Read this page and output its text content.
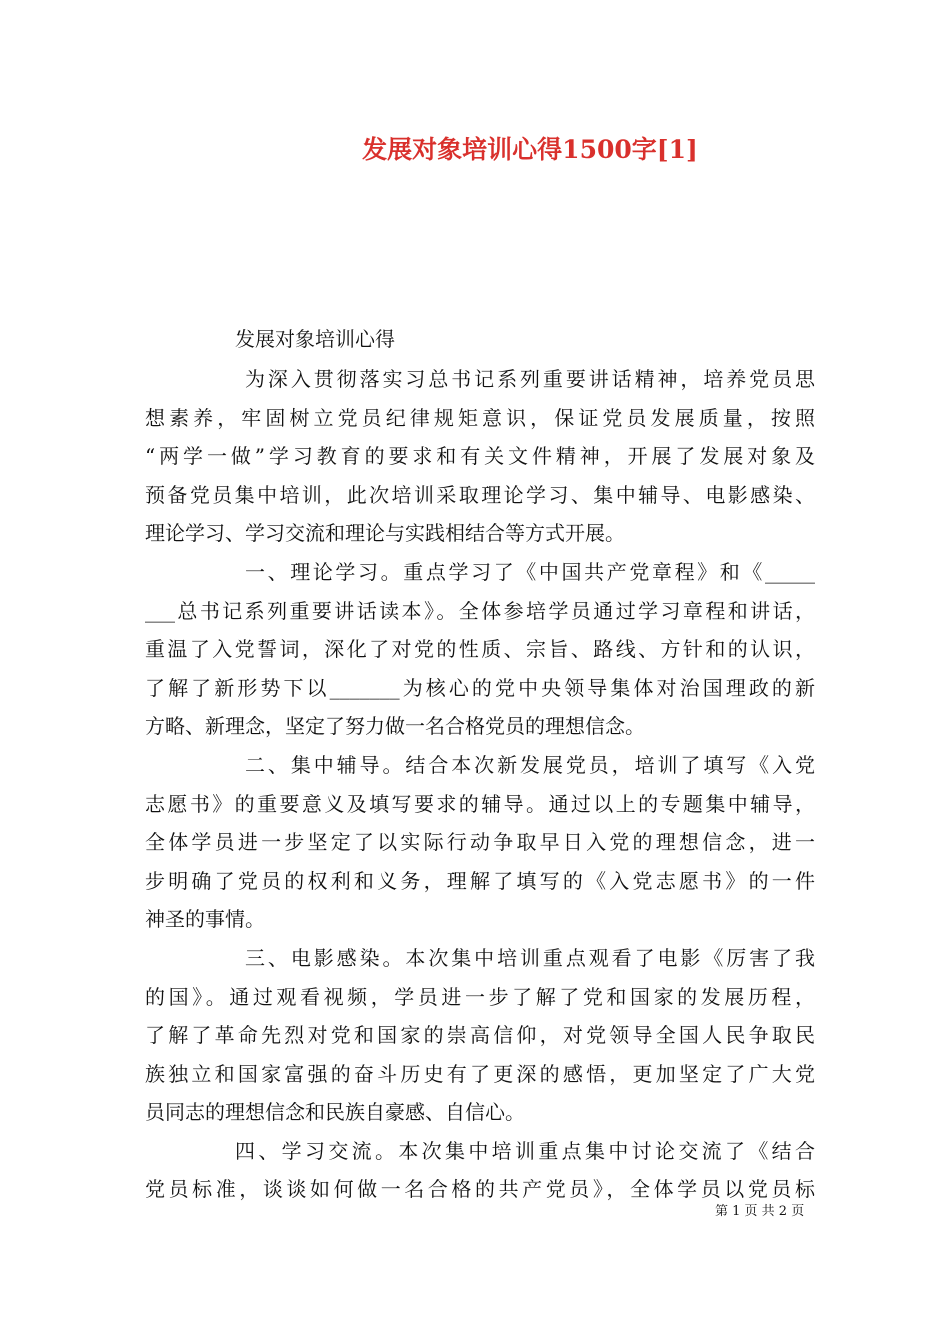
发展对象培训心得1500字[1]
发展对象培训心得
为深入贯彻落实习总书记系列重要讲话精神，培养党员思
想素养，牢固树立党员纪律规矩意识，保证党员发展质量，按照
“两学一做”学习教育的要求和有关文件精神，开展了发展对象及
预备党员集中培训，此次培训采取理论学习、集中辅导、电影感染、
理论学习、学习交流和理论与实践相结合等方式开展。
一、理论学习。重点学习了《中国共产党章程》和《_____
___总书记系列重要讲话读本》。全体参培学员通过学习章程和讲话，
重温了入党誓词，深化了对党的性质、宗旨、路线、方针和的认识，
了解了新形势下以_______为核心的党中央领导集体对治国理政的新
方略、新理念，坚定了努力做一名合格党员的理想信念。
二、集中辅导。结合本次新发展党员，培训了填写《入党
志愿书》的重要意义及填写要求的辅导。通过以上的专题集中辅导，
全体学员进一步坚定了以实际行动争取早日入党的理想信念，进一
步明确了党员的权利和义务，理解了填写的《入党志愿书》的一件
神圣的事情。
三、电影感染。本次集中培训重点观看了电影《厉害了我
的国》。通过观看视频，学员进一步了解了党和国家的发展历程，
了解了革命先烈对党和国家的崇高信仰，对党领导全国人民争取民
族独立和国家富强的奋斗历史有了更深的感悟，更加坚定了广大党
员同志的理想信念和民族自豪感、自信心。
四、学习交流。本次集中培训重点集中讨论交流了《结合
党员标准，谈谈如何做一名合格的共产党员》，全体学员以党员标
第 1 页 共 2 页
